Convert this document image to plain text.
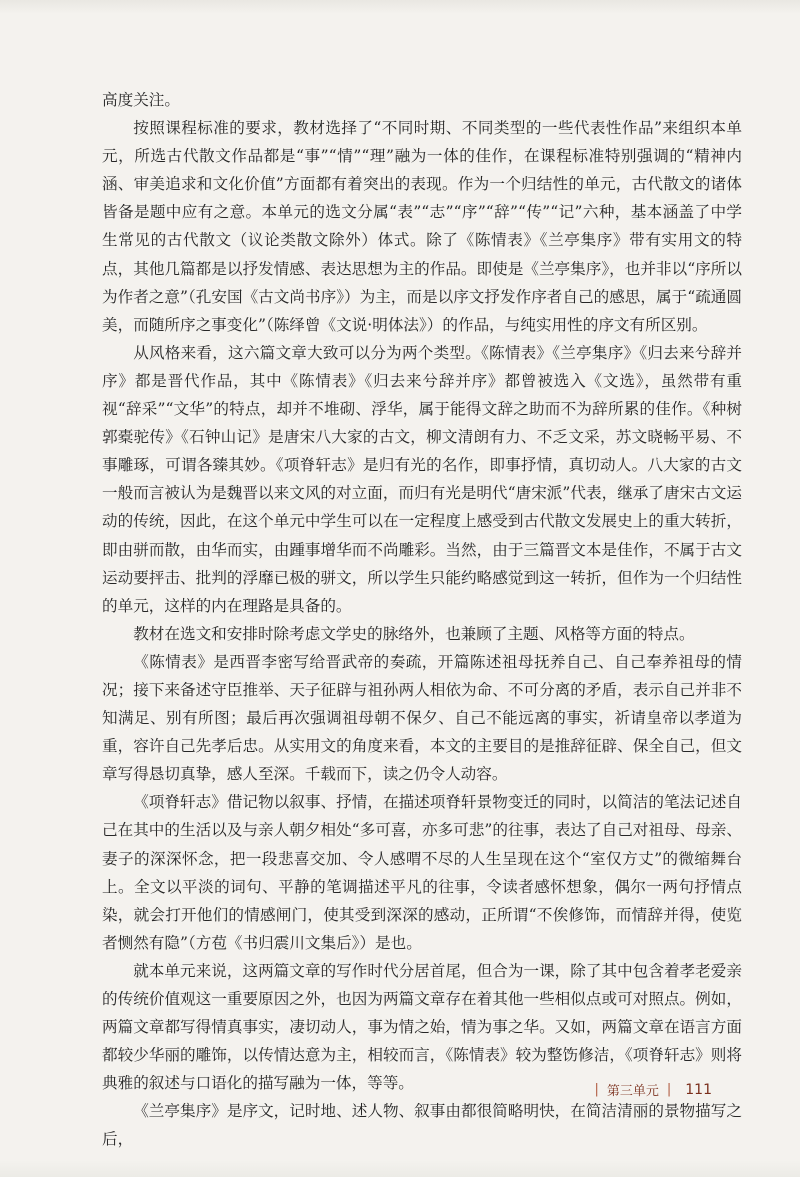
高度关注。

按照课程标准的要求，教材选择了“不同时期、不同类型的一些代表性作品”来组织本单元，所选古代散文作品都是“事”“情”“理”融为一体的佳作，在课程标准特别强调的“精神内涵、审美追求和文化价值”方面都有着突出的表现。作为一个归结性的单元，古代散文的诸体皆备是题中应有之意。本单元的选文分属“表”“志”“序”“辞”“传”“记”六种，基本涵盖了中学生常见的古代散文（议论类散文除外）体式。除了《陈情表》《兰亭集序》带有实用文的特点，其他几篇都是以抒发情感、表达思想为主的作品。即使是《兰亭集序》，也并非以“序所以为作者之意”（孔安国《古文尚书序》）为主，而是以序文抒发作序者自己的感思，属于“疏通圆美，而随所序之事变化”（陈绎曾《文说·明体法》）的作品，与纯实用性的序文有所区别。

从风格来看，这六篇文章大致可以分为两个类型。《陈情表》《兰亭集序》《归去来兮辞并序》都是晋代作品，其中《陈情表》《归去来兮辞并序》都曾被选入《文选》，虽然带有重视“辞采”“文华”的特点，却并不堆砌、浮华，属于能得文辞之助而不为辞所累的佳作。《种树郭橐驼传》《石钟山记》是唐宋八大家的古文，柳文清朗有力、不乏文采，苏文晓畅平易、不事雕琢，可谓各臻其妙。《项脊轩志》是归有光的名作，即事抒情，真切动人。八大家的古文一般而言被认为是魏晋以来文风的对立面，而归有光是明代“唐宋派”代表，继承了唐宋古文运动的传统，因此，在这个单元中学生可以在一定程度上感受到古代散文发展史上的重大转折，即由骈而散，由华而实，由踵事增华而不尚雕彩。当然，由于三篇晋文本是佳作，不属于古文运动要抨击、批判的浮靡已极的骈文，所以学生只能约略感觉到这一转折，但作为一个归结性的单元，这样的内在理路是具备的。

教材在选文和安排时除考虑文学史的脉络外，也兼顾了主题、风格等方面的特点。

《陈情表》是西晋李密写给晋武帝的奏疏，开篇陈述祖母抚养自己、自己奉养祖母的情况；接下来备述守臣推举、天子征辟与祖孙两人相依为命、不可分离的矛盾，表示自己并非不知满足、别有所图；最后再次强调祖母朝不保夕、自己不能远离的事实，祈请皇帝以孝道为重，容许自己先孝后忠。从实用文的角度来看，本文的主要目的是推辞征辟、保全自己，但文章写得恳切真挚，感人至深。千载而下，读之仍令人动容。

《项脊轩志》借记物以叙事、抒情，在描述项脊轩景物变迁的同时，以简洁的笔法记述自己在其中的生活以及与亲人朝夕相处“多可喜，亦多可悲”的往事，表达了自己对祖母、母亲、妻子的深深怀念，把一段悲喜交加、令人感喟不尽的人生呈现在这个“室仅方丈”的微缩舞台上。全文以平淡的词句、平静的笔调描述平凡的往事，令读者感怀想象，偶尔一两句抒情点染，就会打开他们的情感闸门，使其受到深深的感动，正所谓“不俟修饰，而情辞并得，使览者恻然有隐”（方苞《书归震川文集后》）是也。

就本单元来说，这两篇文章的写作时代分居首尾，但合为一课，除了其中包含着孝老爱亲的传统价值观这一重要原因之外，也因为两篇文章存在着其他一些相似点或可对照点。例如，两篇文章都写得情真事实，凄切动人，事为情之始，情为事之华。又如，两篇文章在语言方面都较少华丽的雕饰，以传情达意为主，相较而言，《陈情表》较为整饬修洁，《项脊轩志》则将典雅的叙述与口语化的描写融为一体，等等。

《兰亭集序》是序文，记时地、述人物、叙事由都很简略明快，在简洁清丽的景物描写之后，

| 第三单元 | 111
